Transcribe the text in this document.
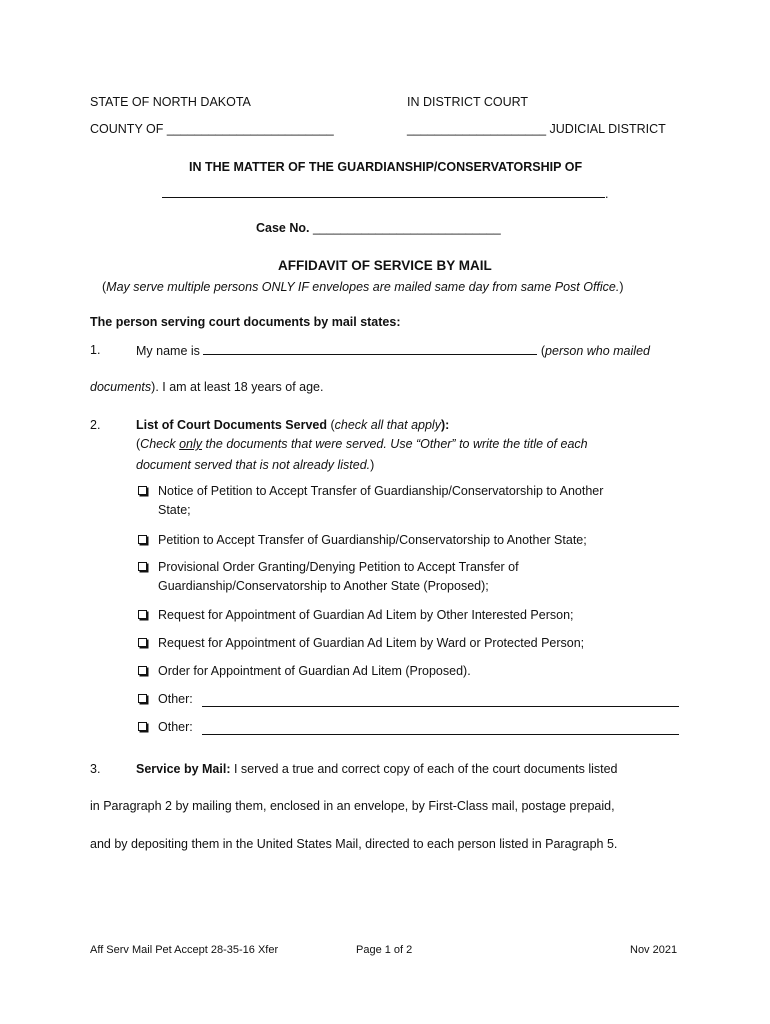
STATE OF NORTH DAKOTA	IN DISTRICT COURT
COUNTY OF ________________________	____________________ JUDICIAL DISTRICT
IN THE MATTER OF THE GUARDIANSHIP/CONSERVATORSHIP OF
.
Case No. ___________________________
AFFIDAVIT OF SERVICE BY MAIL
(May serve multiple persons ONLY IF envelopes are mailed same day from same Post Office.)
The person serving court documents by mail states:
1.	My name is	(person who mailed
documents). I am at least 18 years of age.
2.	List of Court Documents Served (check all that apply):
(Check only the documents that were served. Use “Other” to write the title of each
document served that is not already listed.)
Notice of Petition to Accept Transfer of Guardianship/Conservatorship to Another
State;
Petition to Accept Transfer of Guardianship/Conservatorship to Another State;
Provisional Order Granting/Denying Petition to Accept Transfer of
Guardianship/Conservatorship to Another State (Proposed);
Request for Appointment of Guardian Ad Litem by Other Interested Person;
Request for Appointment of Guardian Ad Litem by Ward or Protected Person;
Order for Appointment of Guardian Ad Litem (Proposed).
Other:
Other:
3.	Service by Mail: I served a true and correct copy of each of the court documents listed
in Paragraph 2 by mailing them, enclosed in an envelope, by First-Class mail, postage prepaid,
and by depositing them in the United States Mail, directed to each person listed in Paragraph 5.
Aff Serv Mail Pet Accept 28-35-16 Xfer	Page 1 of 2	Nov 2021
